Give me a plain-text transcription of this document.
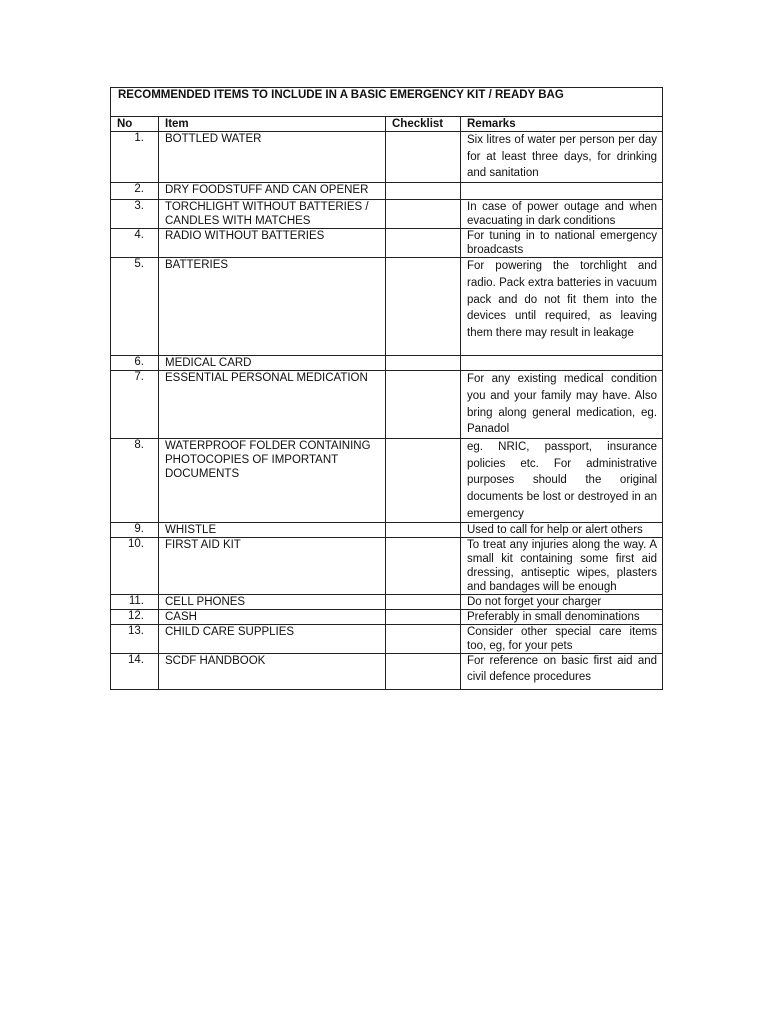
RECOMMENDED ITEMS TO INCLUDE IN A BASIC EMERGENCY KIT / READY BAG			
No	Item	Checklist	Remarks
1.	BOTTLED WATER		Six litres of water per person per day for at least three days, for drinking and sanitation
2.	DRY FOODSTUFF AND CAN OPENER		
3.	TORCHLIGHT WITHOUT BATTERIES / CANDLES WITH MATCHES		In case of power outage and when evacuating in dark conditions
4.	RADIO WITHOUT BATTERIES		For tuning in to national emergency broadcasts
5.	BATTERIES		For powering the torchlight and radio. Pack extra batteries in vacuum pack and do not fit them into the devices until required, as leaving them there may result in leakage
6.	MEDICAL CARD		
7.	ESSENTIAL PERSONAL MEDICATION		For any existing medical condition you and your family may have. Also bring along general medication, eg. Panadol
8.	WATERPROOF FOLDER CONTAINING PHOTOCOPIES OF IMPORTANT DOCUMENTS		eg. NRIC, passport, insurance policies etc. For administrative purposes should the original documents be lost or destroyed in an emergency
9.	WHISTLE		Used to call for help or alert others
10.	FIRST AID KIT		To treat any injuries along the way. A small kit containing some first aid dressing, antiseptic wipes, plasters and bandages will be enough
11.	CELL PHONES		Do not forget your charger
12.	CASH		Preferably in small denominations
13.	CHILD CARE SUPPLIES		Consider other special care items too, eg, for your pets
14.	SCDF HANDBOOK		For reference on basic first aid and civil defence procedures
